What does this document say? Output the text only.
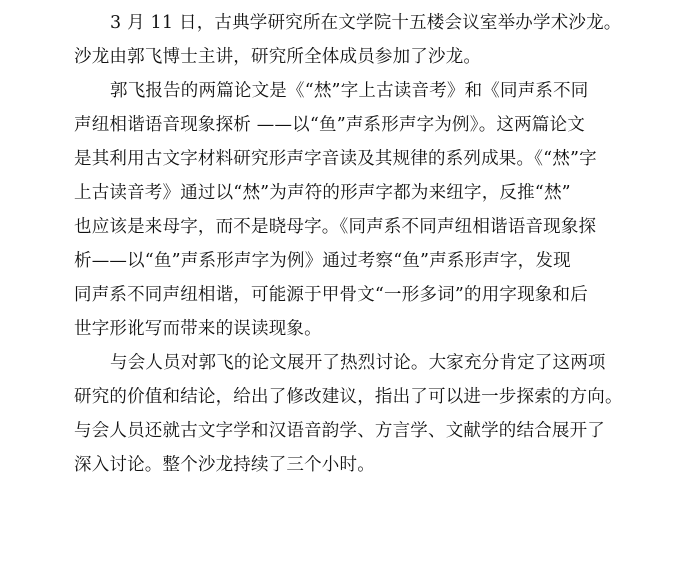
3 月 11 日，古典学研究所在文学院十五楼会议室举办学术沙龙。
沙龙由郭飞博士主讲，研究所全体成员参加了沙龙。
郭飞报告的两篇论文是《“㷊”字上古读音考》和《同声系不同
声纽相谐语音现象探析 ——以“鱼”声系形声字为例》。这两篇论文
是其利用古文字材料研究形声字音读及其规律的系列成果。《“㷊”字
上古读音考》通过以“㷊”为声符的形声字都为来纽字，反推“㷊”
也应该是来母字，而不是晓母字。《同声系不同声纽相谐语音现象探
析——以“鱼”声系形声字为例》通过考察“鱼”声系形声字，发现
同声系不同声纽相谐，可能源于甲骨文“一形多词”的用字现象和后
世字形讹写而带来的误读现象。
与会人员对郭飞的论文展开了热烈讨论。大家充分肯定了这两项
研究的价值和结论，给出了修改建议，指出了可以进一步探索的方向。
与会人员还就古文字学和汉语音韵学、方言学、文献学的结合展开了
深入讨论。整个沙龙持续了三个小时。
